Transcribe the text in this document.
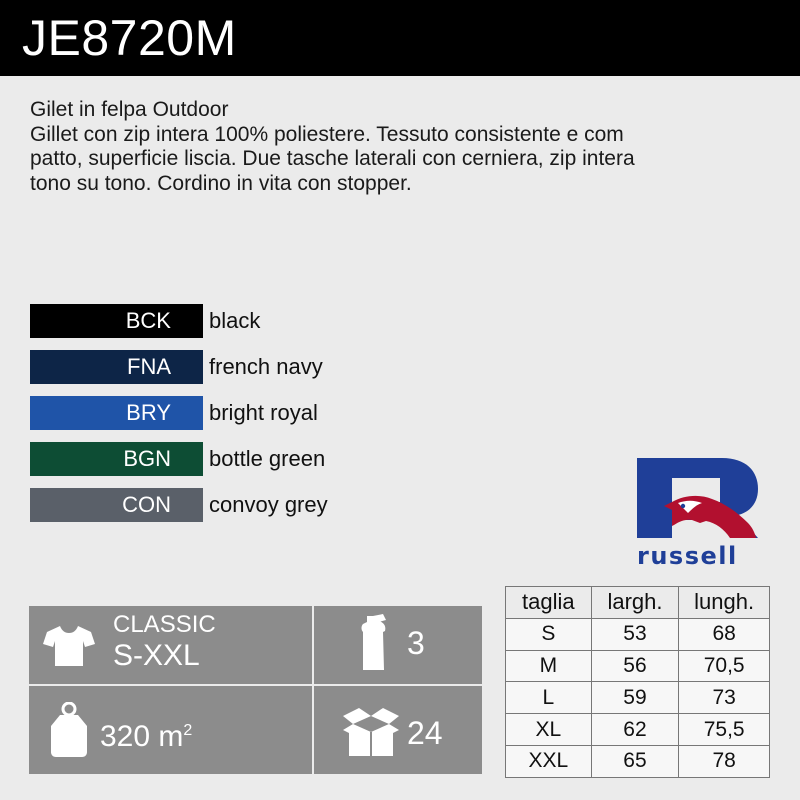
JE8720M
Gilet in felpa Outdoor
Gillet con zip intera 100% poliestere. Tessuto consistente e com
patto, superficie liscia. Due tasche laterali con cerniera, zip intera
tono su tono. Cordino in vita con stopper.
BCK	black
FNA	french navy
BRY	bright royal
BGN	bottle green
CON	convoy grey
russell
CLASSIC
S-XXL	3
320 $m^2$	24
taglia	largh.	lungh.
S	53	68
M	56	70,5
L	59	73
XL	62	75,5
XXL	65	78
